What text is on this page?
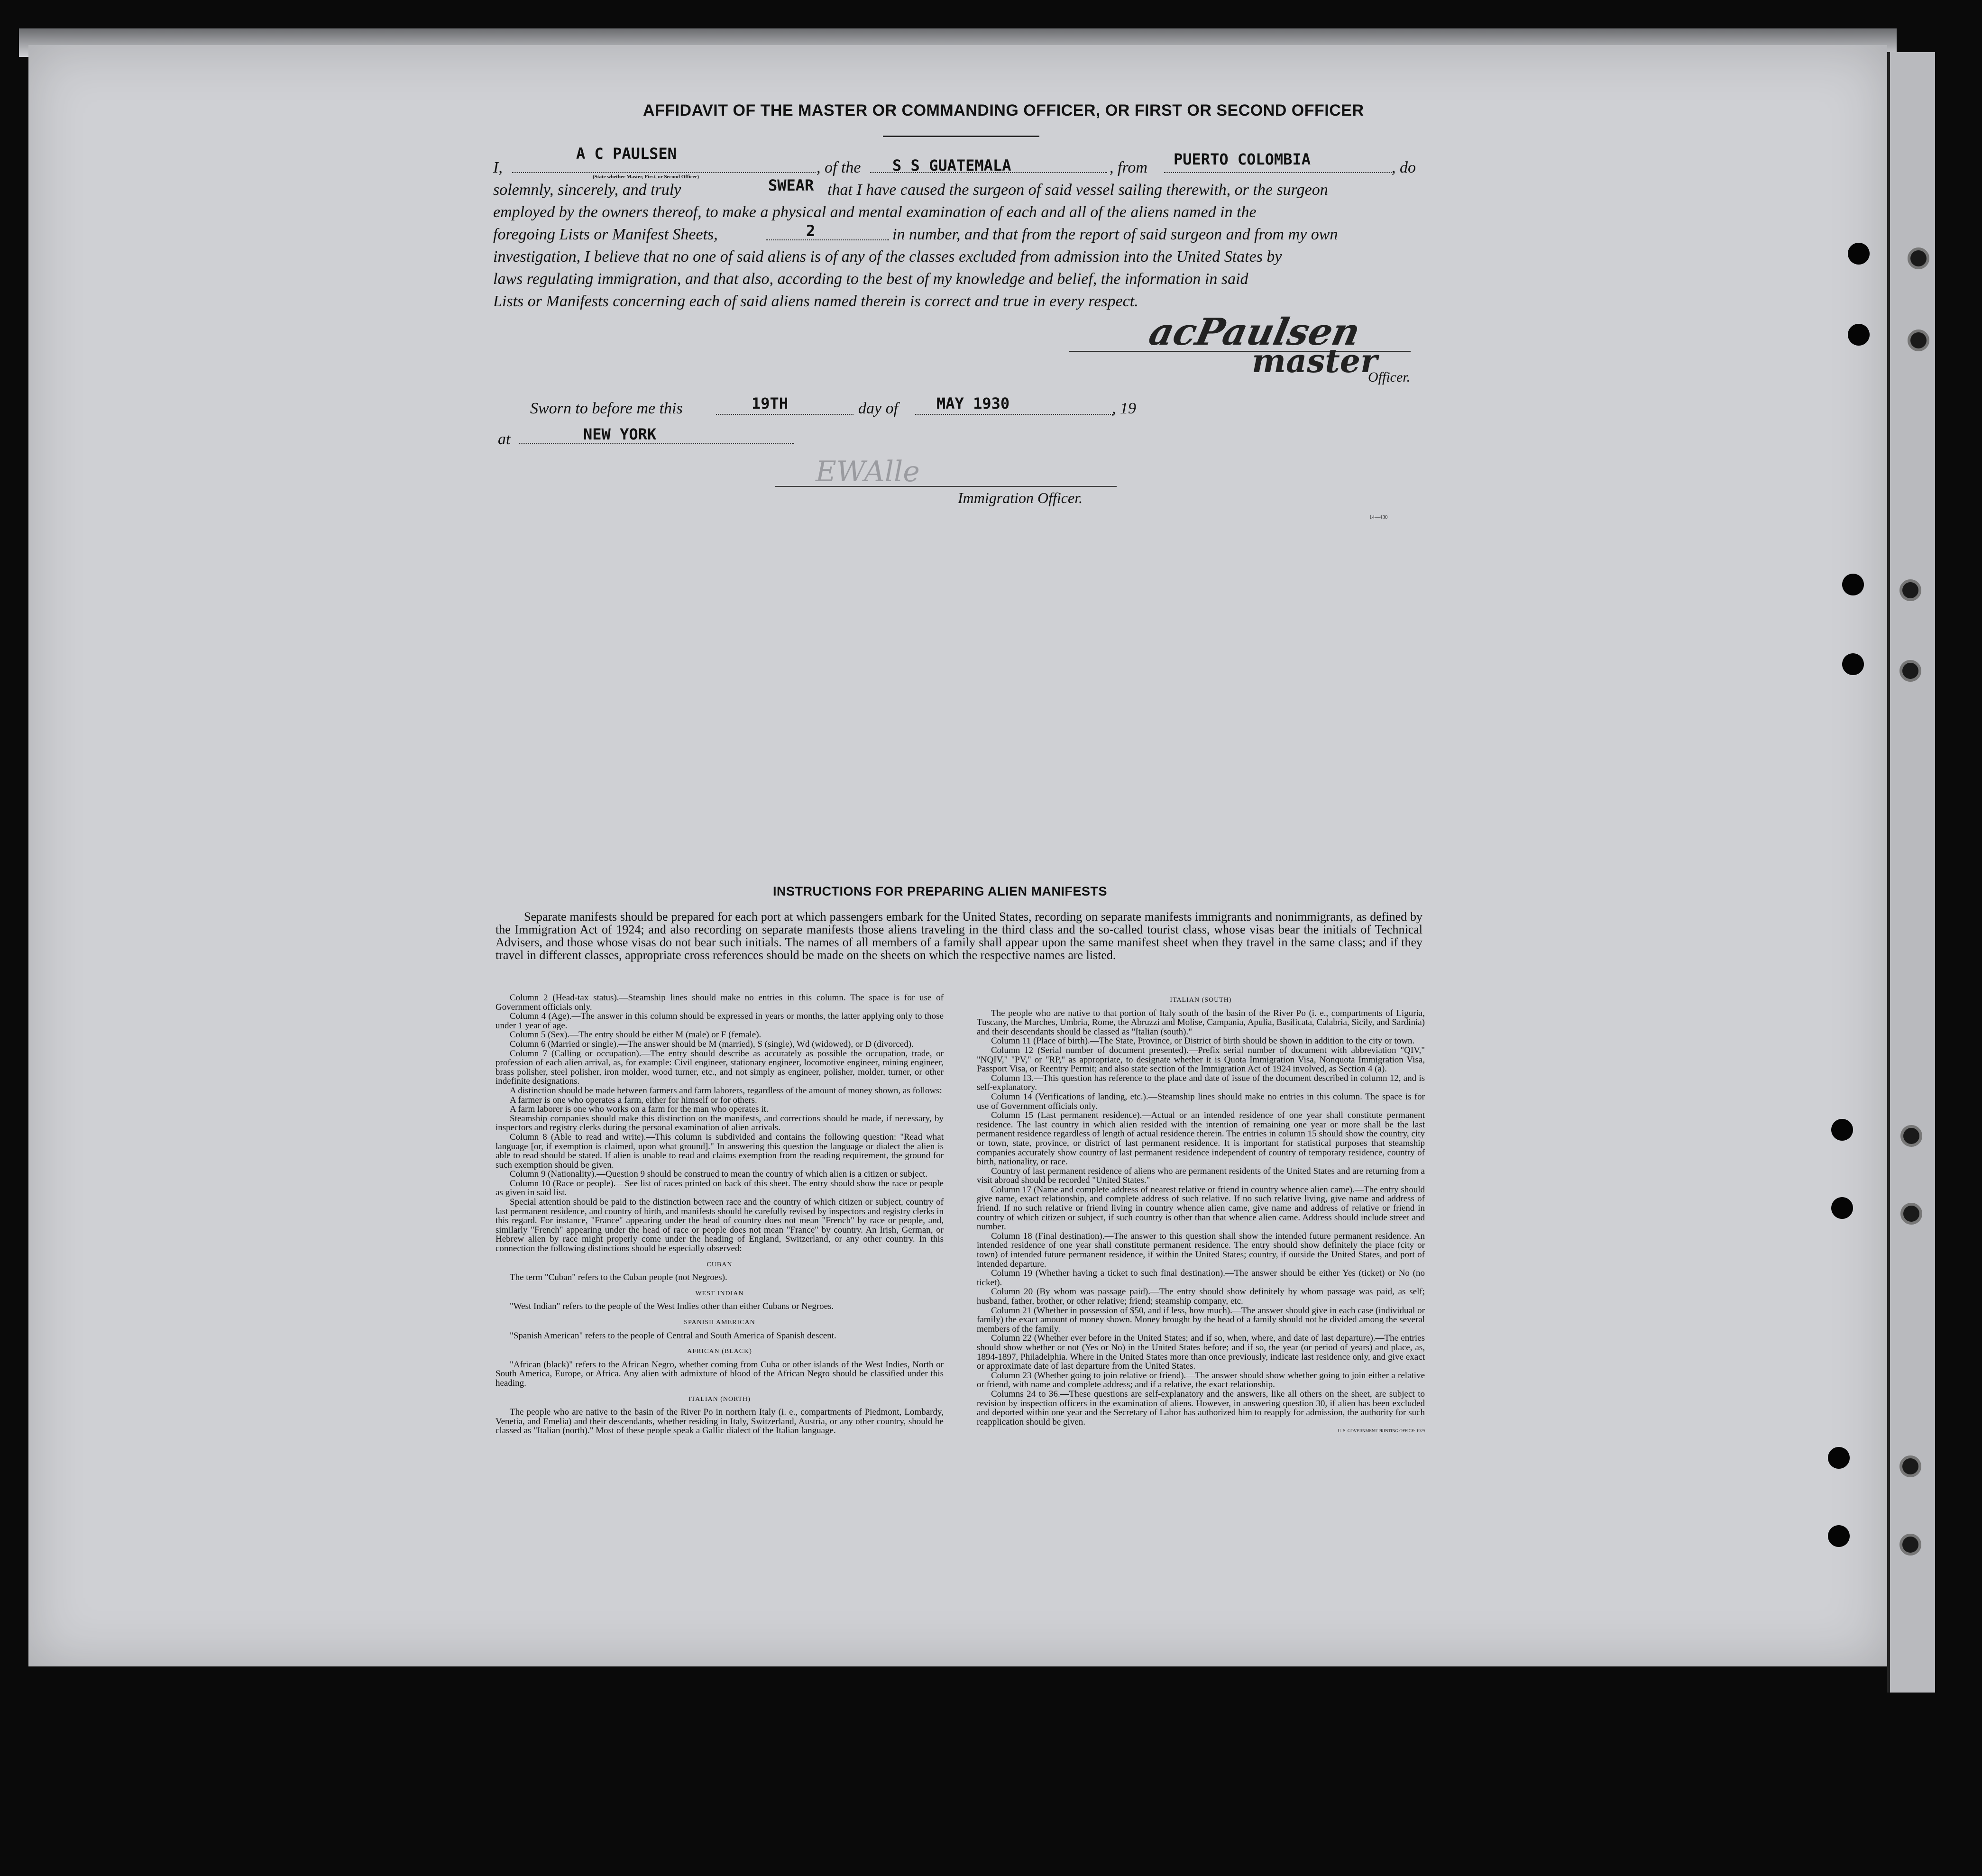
AFFIDAVIT OF THE MASTER OR COMMANDING OFFICER, OR FIRST OR SECOND OFFICER
I,
A C PAULSEN
, of the S S GUATEMALA	, from PUERTO COLOMBIA	, do
(State whether Master, First, or Second Officer)
solemnly, sincerely, and truly	SWEAR that I have caused the surgeon of said vessel sailing therewith, or the surgeon
employed by the owners thereof, to make a physical and mental examination of each and all of the aliens named in the
foregoing Lists or Manifest Sheets,	2	in number, and that from the report of said surgeon and from my own
investigation, I believe that no one of said aliens is of any of the classes excluded from admission into the United States by
laws regulating immigration, and that also, according to the best of my knowledge and belief, the information in said
Lists or Manifests concerning each of said aliens named therein is correct and true in every respect.
acPaulsen
master
Officer.
Sworn to before me this	19TH	day of	MAY 1930	, 19
at	NEW YORK
EWAlle
Immigration Officer.
14—430
INSTRUCTIONS FOR PREPARING ALIEN MANIFESTS
Separate manifests should be prepared for each port at which passengers embark for the United States, recording on separate manifests immigrants and nonimmigrants, as defined by the Immigration Act of 1924; and also recording on separate manifests those aliens traveling in the third class and the so-called tourist class, whose visas bear the initials of Technical Advisers, and those whose visas do not bear such initials. The names of all members of a family shall appear upon the same manifest sheet when they travel in the same class; and if they travel in different classes, appropriate cross references should be made on the sheets on which the respective names are listed.

Column 2 (Head-tax status).—Steamship lines should make no entries in this column. The space is for use of Government officials only.

Column 4 (Age).—The answer in this column should be expressed in years or months, the latter applying only to those under 1 year of age.

Column 5 (Sex).—The entry should be either M (male) or F (female).

Column 6 (Married or single).—The answer should be M (married), S (single), Wd (widowed), or D (divorced).

Column 7 (Calling or occupation).—The entry should describe as accurately as possible the occupation, trade, or profession of each alien arrival, as, for example: Civil engineer, stationary engineer, locomotive engineer, mining engineer, brass polisher, steel polisher, iron molder, wood turner, etc., and not simply as engineer, polisher, molder, turner, or other indefinite designations.

A distinction should be made between farmers and farm laborers, regardless of the amount of money shown, as follows:

A farmer is one who operates a farm, either for himself or for others.

A farm laborer is one who works on a farm for the man who operates it.

Steamship companies should make this distinction on the manifests, and corrections should be made, if necessary, by inspectors and registry clerks during the personal examination of alien arrivals.

Column 8 (Able to read and write).—This column is subdivided and contains the following question: "Read what language [or, if exemption is claimed, upon what ground]." In answering this question the language or dialect the alien is able to read should be stated. If alien is unable to read and claims exemption from the reading requirement, the ground for such exemption should be given.

Column 9 (Nationality).—Question 9 should be construed to mean the country of which alien is a citizen or subject.

Column 10 (Race or people).—See list of races printed on back of this sheet. The entry should show the race or people as given in said list.

Special attention should be paid to the distinction between race and the country of which citizen or subject, country of last permanent residence, and country of birth, and manifests should be carefully revised by inspectors and registry clerks in this regard. For instance, "France" appearing under the head of country does not mean "French" by race or people, and, similarly "French" appearing under the head of race or people does not mean "France" by country. An Irish, German, or Hebrew alien by race might properly come under the heading of England, Switzerland, or any other country. In this connection the following distinctions should be especially observed:

CUBAN

The term "Cuban" refers to the Cuban people (not Negroes).

WEST INDIAN

"West Indian" refers to the people of the West Indies other than either Cubans or Negroes.

SPANISH AMERICAN

"Spanish American" refers to the people of Central and South America of Spanish descent.

AFRICAN (BLACK)

"African (black)" refers to the African Negro, whether coming from Cuba or other islands of the West Indies, North or South America, Europe, or Africa. Any alien with admixture of blood of the African Negro should be classified under this heading.

ITALIAN (NORTH)

The people who are native to the basin of the River Po in northern Italy (i. e., compartments of Piedmont, Lombardy, Venetia, and Emelia) and their descendants, whether residing in Italy, Switzerland, Austria, or any other country, should be classed as "Italian (north)." Most of these people speak a Gallic dialect of the Italian language.

ITALIAN (SOUTH)

The people who are native to that portion of Italy south of the basin of the River Po (i. e., compartments of Liguria, Tuscany, the Marches, Umbria, Rome, the Abruzzi and Molise, Campania, Apulia, Basilicata, Calabria, Sicily, and Sardinia) and their descendants should be classed as "Italian (south)."

Column 11 (Place of birth).—The State, Province, or District of birth should be shown in addition to the city or town.

Column 12 (Serial number of document presented).—Prefix serial number of document with abbreviation "QIV," "NQIV," "PV," or "RP," as appropriate, to designate whether it is Quota Immigration Visa, Nonquota Immigration Visa, Passport Visa, or Reentry Permit; and also state section of the Immigration Act of 1924 involved, as Section 4 (a).

Column 13.—This question has reference to the place and date of issue of the document described in column 12, and is self-explanatory.

Column 14 (Verifications of landing, etc.).—Steamship lines should make no entries in this column. The space is for use of Government officials only.

Column 15 (Last permanent residence).—Actual or an intended residence of one year shall constitute permanent residence. The last country in which alien resided with the intention of remaining one year or more shall be the last permanent residence regardless of length of actual residence therein. The entries in column 15 should show the country, city or town, state, province, or district of last permanent residence. It is important for statistical purposes that steamship companies accurately show country of last permanent residence independent of country of temporary residence, country of birth, nationality, or race.

Country of last permanent residence of aliens who are permanent residents of the United States and are returning from a visit abroad should be recorded "United States."

Column 17 (Name and complete address of nearest relative or friend in country whence alien came).—The entry should give name, exact relationship, and complete address of such relative. If no such relative living, give name and address of friend. If no such relative or friend living in country whence alien came, give name and address of relative or friend in country of which citizen or subject, if such country is other than that whence alien came. Address should include street and number.

Column 18 (Final destination).—The answer to this question shall show the intended future permanent residence. An intended residence of one year shall constitute permanent residence. The entry should show definitely the place (city or town) of intended future permanent residence, if within the United States; country, if outside the United States, and port of intended departure.

Column 19 (Whether having a ticket to such final destination).—The answer should be either Yes (ticket) or No (no ticket).

Column 20 (By whom was passage paid).—The entry should show definitely by whom passage was paid, as self; husband, father, brother, or other relative; friend; steamship company, etc.

Column 21 (Whether in possession of $50, and if less, how much).—The answer should give in each case (individual or family) the exact amount of money shown. Money brought by the head of a family should not be divided among the several members of the family.

Column 22 (Whether ever before in the United States; and if so, when, where, and date of last departure).—The entries should show whether or not (Yes or No) in the United States before; and if so, the year (or period of years) and place, as, 1894-1897, Philadelphia. Where in the United States more than once previously, indicate last residence only, and give exact or approximate date of last departure from the United States.

Column 23 (Whether going to join relative or friend).—The answer should show whether going to join either a relative or friend, with name and complete address; and if a relative, the exact relationship.

Columns 24 to 36.—These questions are self-explanatory and the answers, like all others on the sheet, are subject to revision by inspection officers in the examination of aliens. However, in answering question 30, if alien has been excluded and deported within one year and the Secretary of Labor has authorized him to reapply for admission, the authority for such reapplication should be given.

U. S. GOVERNMENT PRINTING OFFICE: 1929
